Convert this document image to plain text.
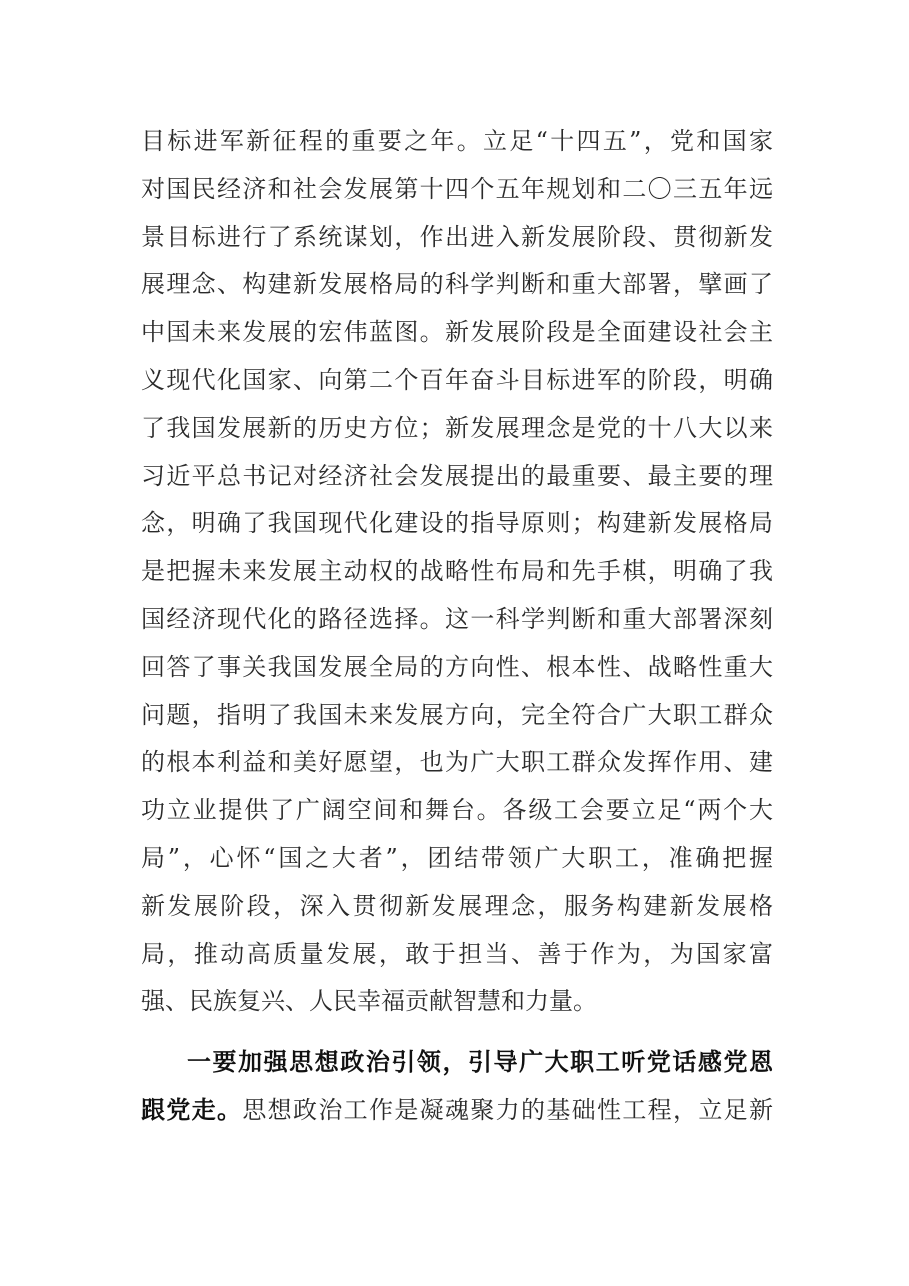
目标进军新征程的重要之年。立足“十四五”，党和国家
对国民经济和社会发展第十四个五年规划和二〇三五年远
景目标进行了系统谋划，作出进入新发展阶段、贯彻新发
展理念、构建新发展格局的科学判断和重大部署，擘画了
中国未来发展的宏伟蓝图。新发展阶段是全面建设社会主
义现代化国家、向第二个百年奋斗目标进军的阶段，明确
了我国发展新的历史方位；新发展理念是党的十八大以来
习近平总书记对经济社会发展提出的最重要、最主要的理
念，明确了我国现代化建设的指导原则；构建新发展格局
是把握未来发展主动权的战略性布局和先手棋，明确了我
国经济现代化的路径选择。这一科学判断和重大部署深刻
回答了事关我国发展全局的方向性、根本性、战略性重大
问题，指明了我国未来发展方向，完全符合广大职工群众
的根本利益和美好愿望，也为广大职工群众发挥作用、建
功立业提供了广阔空间和舞台。各级工会要立足“两个大
局”，心怀“国之大者”，团结带领广大职工，准确把握
新发展阶段，深入贯彻新发展理念，服务构建新发展格
局，推动高质量发展，敢于担当、善于作为，为国家富
强、民族复兴、人民幸福贡献智慧和力量。
一要加强思想政治引领，引导广大职工听党话感党恩
跟党走。思想政治工作是凝魂聚力的基础性工程，立足新
